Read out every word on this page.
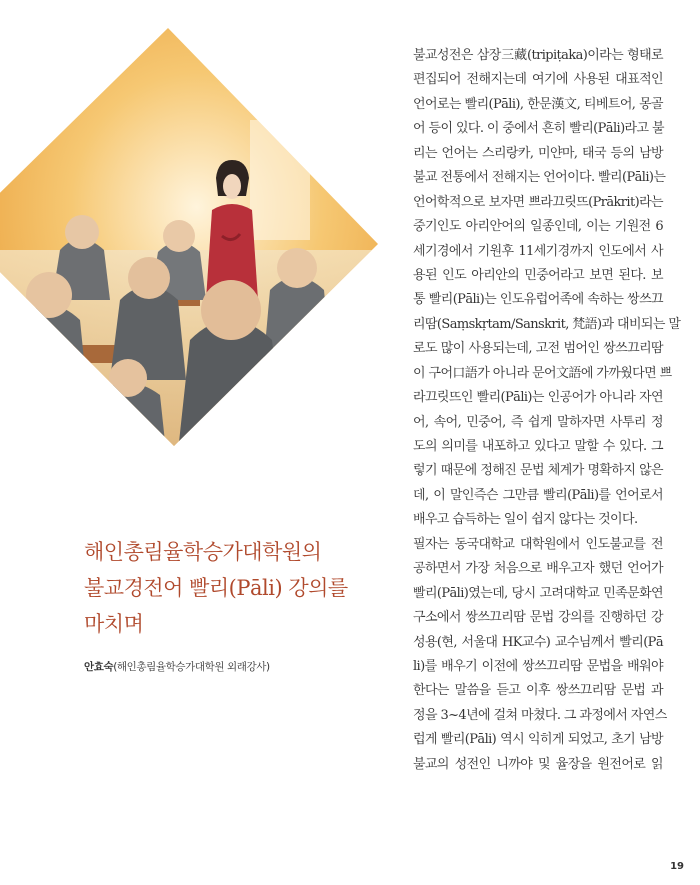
해인총림율학승가대학원의
불교경전어 빨리(Pāli) 강의를
마치며
안효숙(해인총림율학승가대학원 외래강사)
불교성전은 삼장三藏(tripiṭaka)이라는 형태로
편집되어 전해지는데 여기에 사용된 대표적인
언어로는 빨리(Pāli), 한문漢文, 티베트어, 몽골
어 등이 있다. 이 중에서 흔히 빨리(Pāli)라고 불
리는 언어는 스리랑카, 미얀마, 태국 등의 남방
불교 전통에서 전해지는 언어이다. 빨리(Pāli)는
언어학적으로 보자면 쁘라끄릿뜨(Prākrit)라는
중기인도 아리안어의 일종인데, 이는 기원전 6
세기경에서 기원후 11세기경까지 인도에서 사
용된 인도 아리안의 민중어라고 보면 된다. 보
통 빨리(Pāli)는 인도유럽어족에 속하는 쌍쓰끄
리땀(Saṃskṛtam/Sanskrit, 梵語)과 대비되는 말
로도 많이 사용되는데, 고전 범어인 쌍쓰끄리땀
이 구어口語가 아니라 문어文語에 가까웠다면 쁘
라끄릿뜨인 빨리(Pāli)는 인공어가 아니라 자연
어, 속어, 민중어, 즉 쉽게 말하자면 사투리 정
도의 의미를 내포하고 있다고 말할 수 있다. 그
렇기 때문에 정해진 문법 체계가 명확하지 않은
데, 이 말인즉슨 그만큼 빨리(Pāli)를 언어로서
배우고 습득하는 일이 쉽지 않다는 것이다.
필자는 동국대학교 대학원에서 인도불교를 전
공하면서 가장 처음으로 배우고자 했던 언어가
빨리(Pāli)였는데, 당시 고려대학교 민족문화연
구소에서 쌍쓰끄리땀 문법 강의를 진행하던 강
성용(현, 서울대 HK교수) 교수님께서 빨리(Pā
li)를 배우기 이전에 쌍쓰끄리땀 문법을 배워야
한다는 말씀을 듣고 이후 쌍쓰끄리땀 문법 과
정을 3~4년에 걸쳐 마쳤다. 그 과정에서 자연스
럽게 빨리(Pāli) 역시 익히게 되었고, 초기 남방
불교의 성전인 니까야 및 율장을 원전어로 읽
19
